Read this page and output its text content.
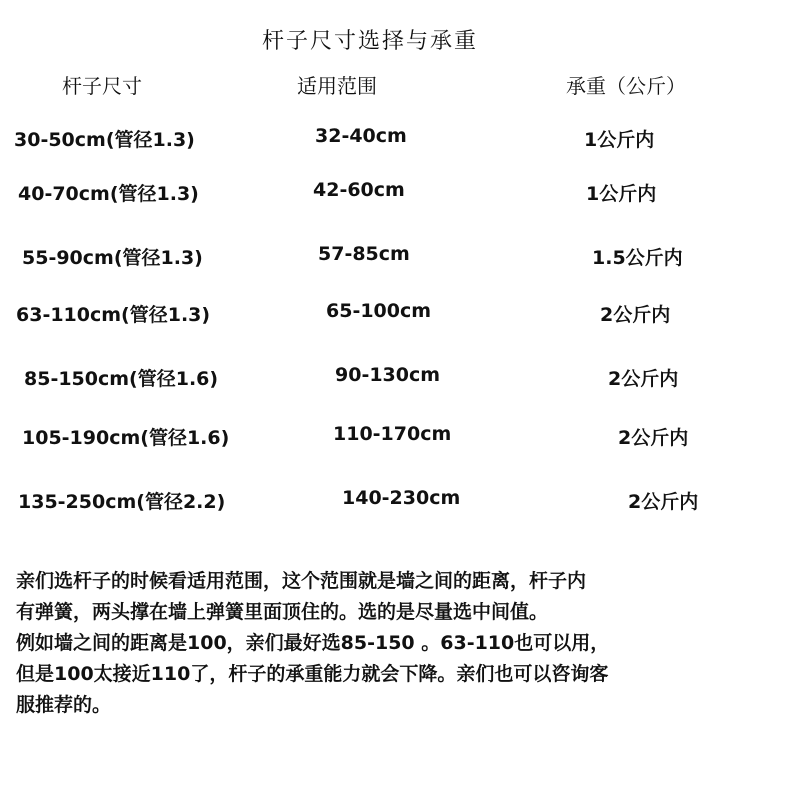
杆子尺寸选择与承重
杆子尺寸	适用范围	承重（公斤）
30-50cm(管径1.3)	32-40cm	1公斤内
40-70cm(管径1.3)	42-60cm	1公斤内
55-90cm(管径1.3)	57-85cm	1.5公斤内
63-110cm(管径1.3)	65-100cm	2公斤内
85-150cm(管径1.6)	90-130cm	2公斤内
105-190cm(管径1.6)	110-170cm	2公斤内
135-250cm(管径2.2)	140-230cm	2公斤内

亲们选杆子的时候看适用范围，这个范围就是墙之间的距离，杆子内

有弹簧，两头撑在墙上弹簧里面顶住的。选的是尽量选中间值。

例如墙之间的距离是100，亲们最好选85-150 。63-110也可以用，

但是100太接近110了，杆子的承重能力就会下降。亲们也可以咨询客

服推荐的。
